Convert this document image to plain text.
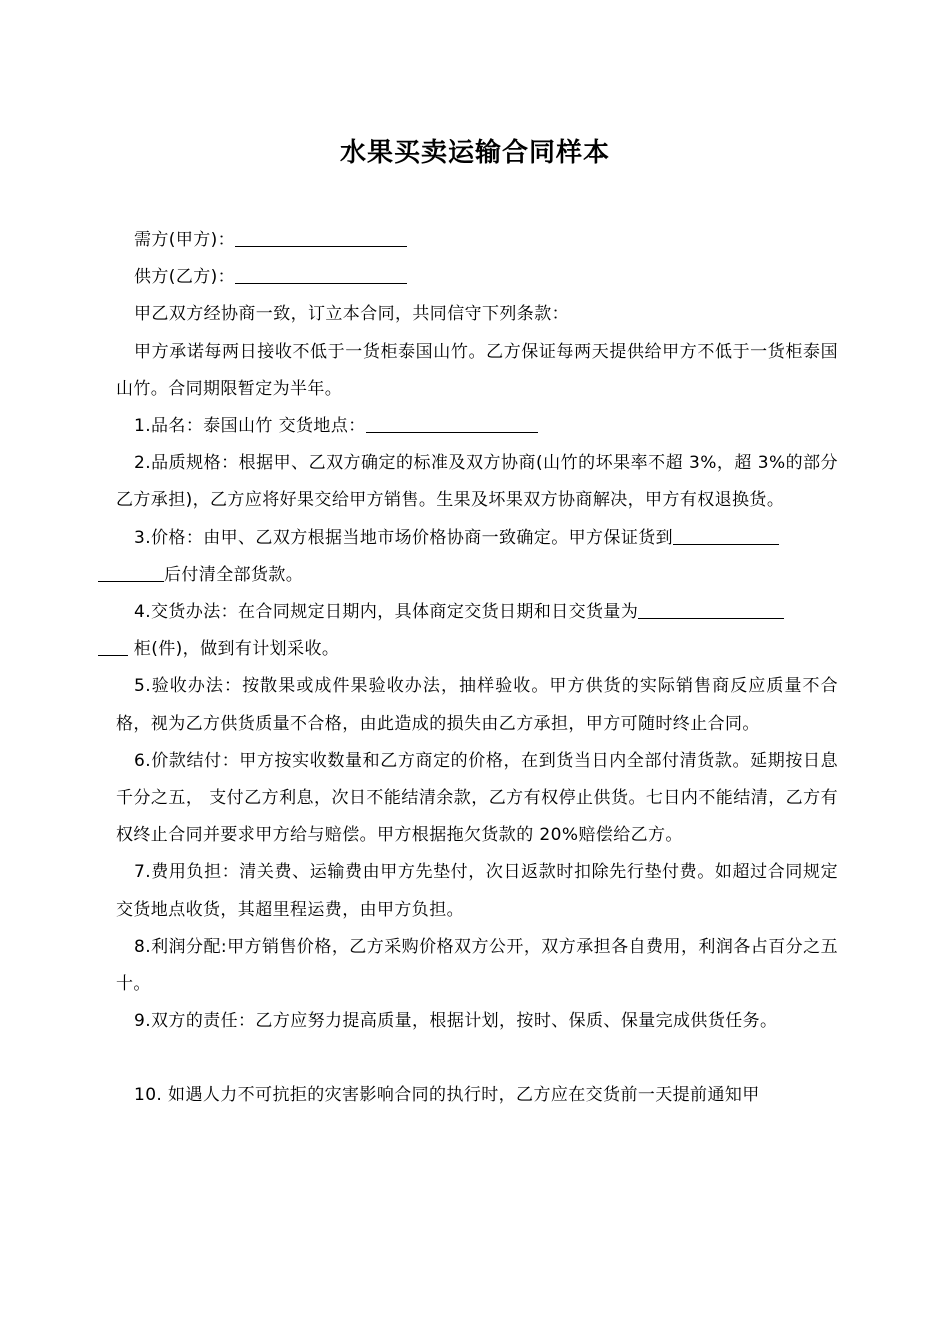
水果买卖运输合同样本

需方(甲方)：

供方(乙方)：

甲乙双方经协商一致，订立本合同，共同信守下列条款：

甲方承诺每两日接收不低于一货柜泰国山竹。乙方保证每两天提供给甲方不低于一货柜泰国山竹。合同期限暂定为半年。

1.品名：泰国山竹 交货地点：

2.品质规格：根据甲、乙双方确定的标准及双方协商(山竹的坏果率不超 3%，超 3%的部分乙方承担)，乙方应将好果交给甲方销售。生果及坏果双方协商解决，甲方有权退换货。

3.价格：由甲、乙双方根据当地市场价格协商一致确定。甲方保证货到
后付清全部货款。

4.交货办法：在合同规定日期内，具体商定交货日期和日交货量为
柜(件)，做到有计划采收。

5.验收办法：按散果或成件果验收办法，抽样验收。甲方供货的实际销售商反应质量不合格，视为乙方供货质量不合格，由此造成的损失由乙方承担，甲方可随时终止合同。

6.价款结付：甲方按实收数量和乙方商定的价格，在到货当日内全部付清货款。延期按日息千分之五， 支付乙方利息，次日不能结清余款，乙方有权停止供货。七日内不能结清，乙方有权终止合同并要求甲方给与赔偿。甲方根据拖欠货款的 20%赔偿给乙方。

7.费用负担：清关费、运输费由甲方先垫付，次日返款时扣除先行垫付费。如超过合同规定交货地点收货，其超里程运费，由甲方负担。

8.利润分配:甲方销售价格，乙方采购价格双方公开，双方承担各自费用，利润各占百分之五十。

9.双方的责任：乙方应努力提高质量，根据计划，按时、保质、保量完成供货任务。

10. 如遇人力不可抗拒的灾害影响合同的执行时，乙方应在交货前一天提前通知甲
